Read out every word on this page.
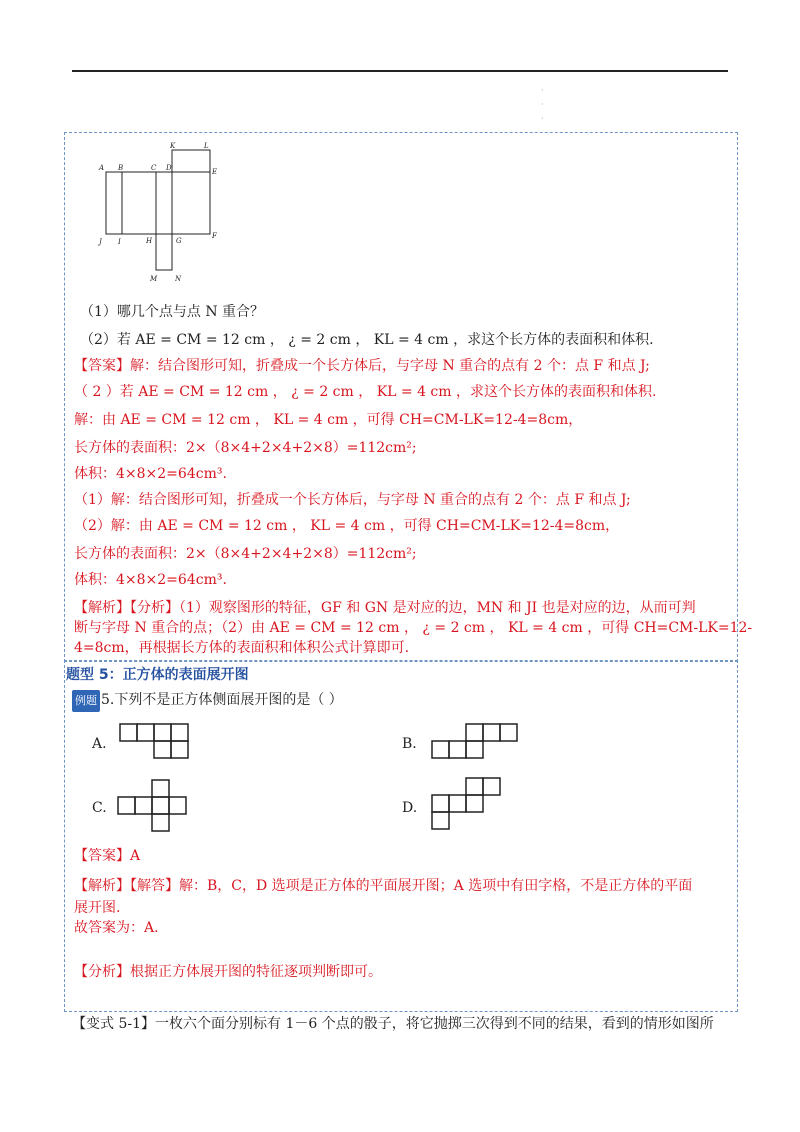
·
·
·
A B	C D	E
F
G
H
I
J
K	L
M	N
（1）哪几个点与点 N 重合？
（2）若 AE = CM = 12 cm ， ¿ = 2 cm ， KL = 4 cm ，求这个长方体的表面积和体积.
【答案】解：结合图形可知，折叠成一个长方体后，与字母 N 重合的点有 2 个：点 F 和点 J;
（ 2 ）若 AE = CM = 12 cm ， ¿ = 2 cm ， KL = 4 cm ，求这个长方体的表面积和体积.
解：由 AE = CM = 12 cm ， KL = 4 cm ，可得 CH=CM-LK=12-4=8cm，
长方体的表面积：2×（8×4+2×4+2×8）=112cm²;
体积：4×8×2=64cm³.
（1）解：结合图形可知，折叠成一个长方体后，与字母 N 重合的点有 2 个：点 F 和点 J;
（2）解：由 AE = CM = 12 cm ， KL = 4 cm ，可得 CH=CM-LK=12-4=8cm，
长方体的表面积：2×（8×4+2×4+2×8）=112cm²;
体积：4×8×2=64cm³.
【解析】【分析】（1）观察图形的特征，GF 和 GN 是对应的边，MN 和 JI 也是对应的边，从而可判
断与字母 N 重合的点；（2）由 AE = CM = 12 cm ， ¿ = 2 cm ， KL = 4 cm ，可得 CH=CM-LK=12-
4=8cm，再根据长方体的表面积和体积公式计算即可.
题型 5：正方体的表面展开图
例题 5.下列不是正方体侧面展开图的是（ ）
A.	B.
C.	D.
【答案】A
【解析】【解答】解：B，C，D 选项是正方体的平面展开图；A 选项中有田字格，不是正方体的平面
展开图.
故答案为：A.
【分析】根据正方体展开图的特征逐项判断即可。
【变式 5-1】一枚六个面分别标有 1－6 个点的骰子，将它抛掷三次得到不同的结果，看到的情形如图所
